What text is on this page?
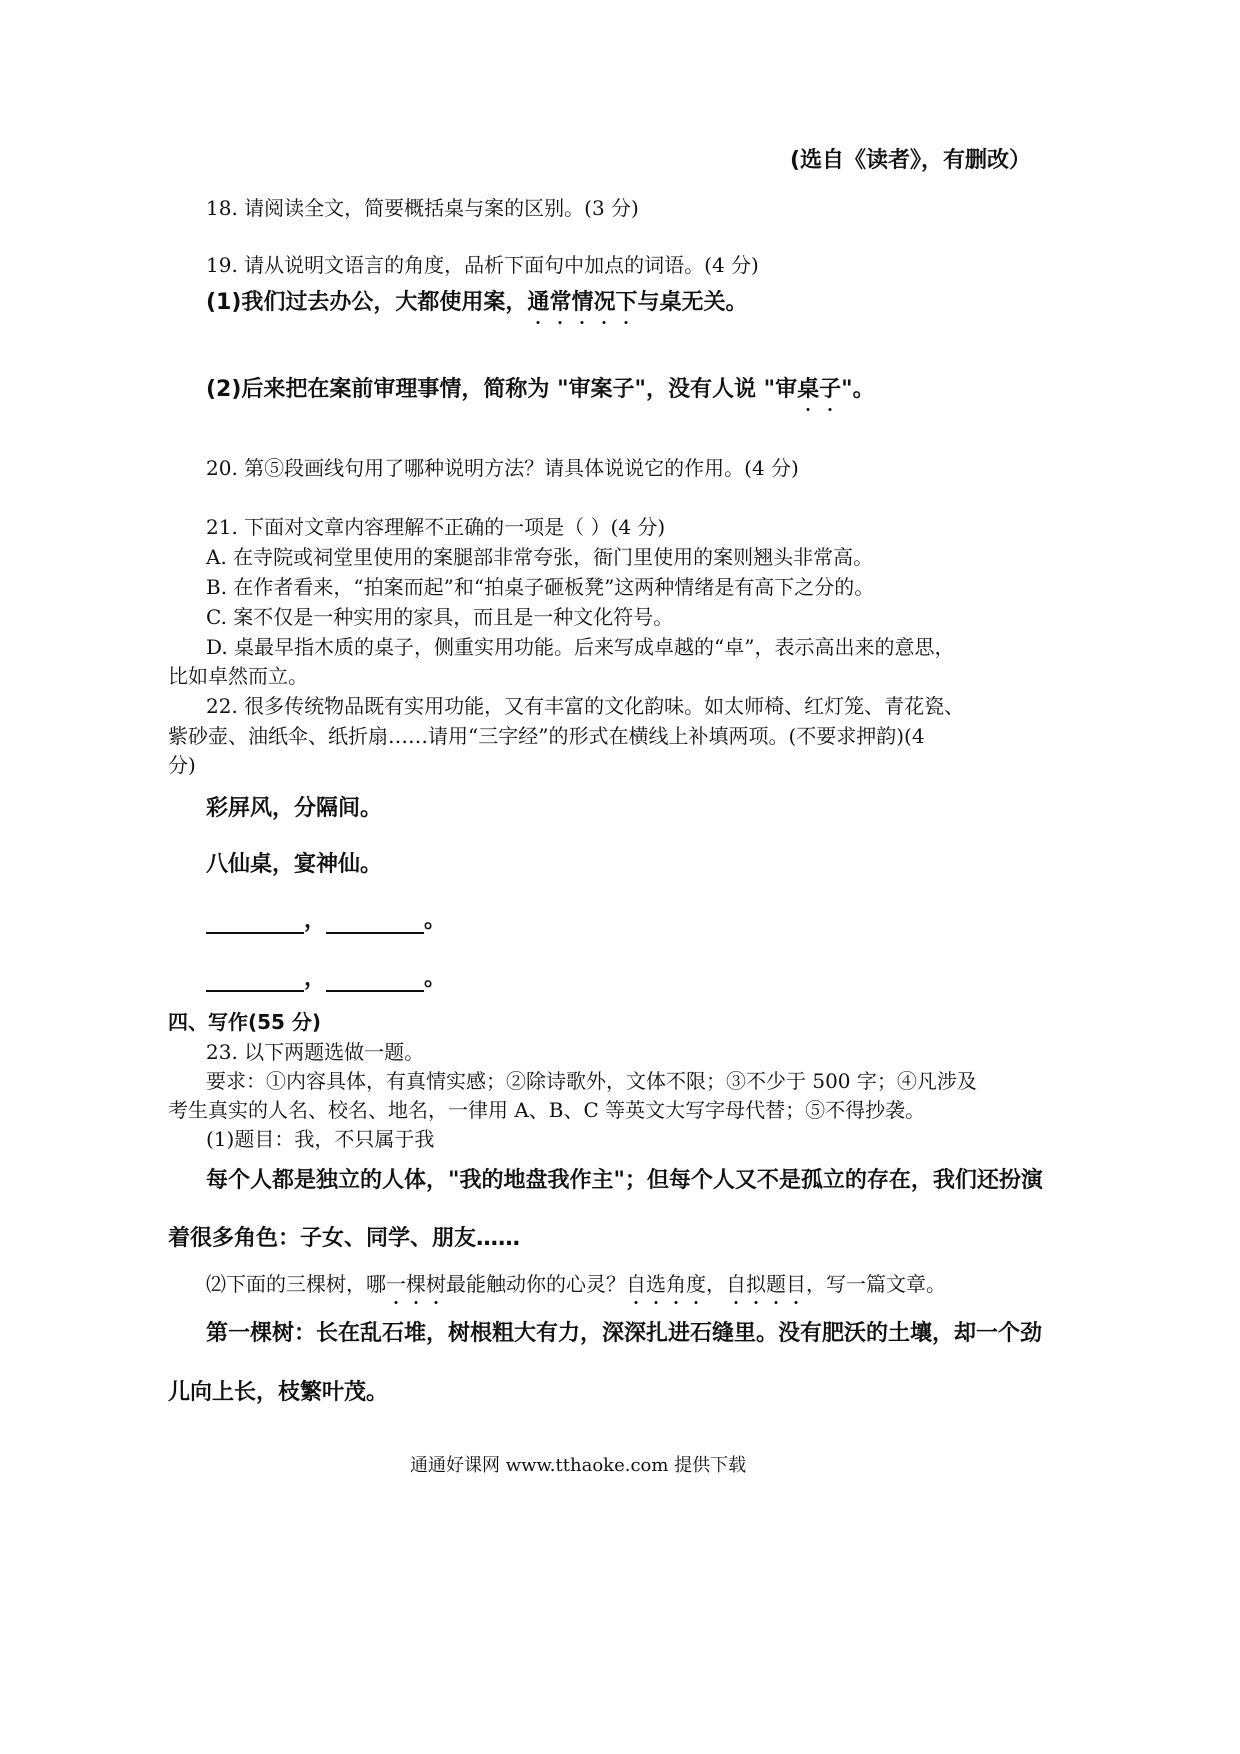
(选自《读者》，有删改）
18. 请阅读全文，简要概括桌与案的区别。(3 分)
19. 请从说明文语言的角度，品析下面句中加点的词语。(4 分)
(1)我们过去办公，大都使用案，通常情况下与桌无关。
(2)后来把在案前审理事情，简称为 "审案子"，没有人说 "审桌子"。
20. 第⑤段画线句用了哪种说明方法？请具体说说它的作用。(4 分)
21. 下面对文章内容理解不正确的一项是（ ）(4 分)
A. 在寺院或祠堂里使用的案腿部非常夸张，衙门里使用的案则翘头非常高。
B. 在作者看来，“拍案而起”和“拍桌子砸板凳”这两种情绪是有高下之分的。
C. 案不仅是一种实用的家具，而且是一种文化符号。
D. 桌最早指木质的桌子，侧重实用功能。后来写成卓越的“卓”，表示高出来的意思，
比如卓然而立。
22. 很多传统物品既有实用功能，又有丰富的文化韵味。如太师椅、红灯笼、青花瓷、
紫砂壶、油纸伞、纸折扇……请用“三字经”的形式在横线上补填两项。(不要求押韵)(4
分)
彩屏风，分隔间。
八仙桌，宴神仙。
，	。
，	。
四、写作(55 分)
23. 以下两题选做一题。
要求：①内容具体，有真情实感；②除诗歌外，文体不限；③不少于 500 字；④凡涉及
考生真实的人名、校名、地名，一律用 A、B、C 等英文大写字母代替；⑤不得抄袭。
(1)题目：我，不只属于我
每个人都是独立的人体，"我的地盘我作主"；但每个人又不是孤立的存在，我们还扮演
着很多角色：子女、同学、朋友……
⑵下面的三棵树，哪一棵树最能触动你的心灵？自选角度，自拟题目，写一篇文章。
第一棵树：长在乱石堆，树根粗大有力，深深扎进石缝里。没有肥沃的土壤，却一个劲
儿向上长，枝繁叶茂。
通通好课网 www.tthaoke.com 提供下载
